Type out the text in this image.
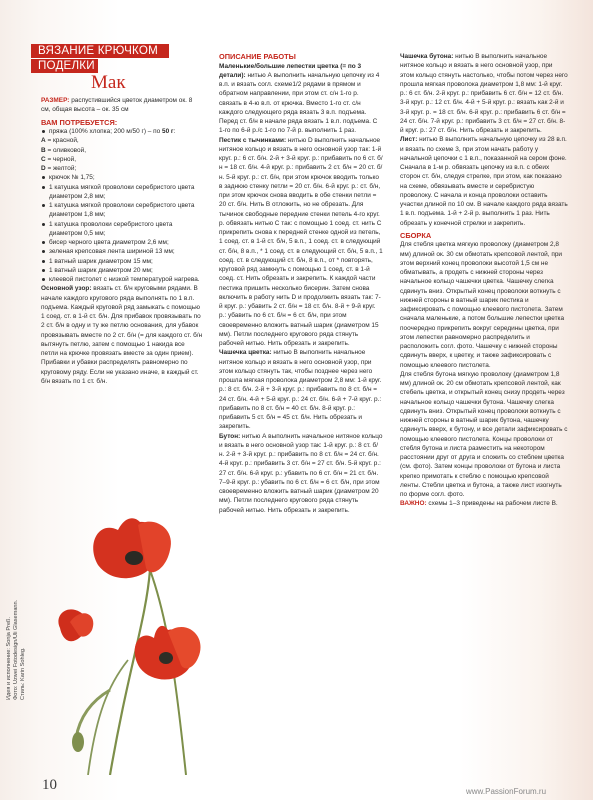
ВЯЗАНИЕ КРЮЧКОМ
ПОДЕЛКИ
Мак

РАЗМЕР: распустившийся цветок диаметром ок. 8 см, общая высота – ок. 35 см

ВАМ ПОТРЕБУЕТСЯ:

пряжа (100% хлопка; 200 м/50 г) – по 50 г:

А = красной,

В = оливковой,

С = черной,

D = желтой;

крючок № 1,75;

1 катушка мягкой проволоки серебристого цвета диаметром 2,8 мм;

1 катушка мягкой проволоки серебристого цвета диаметром 1,8 мм;

1 катушка проволоки серебристого цвета диаметром 0,5 мм;

бисер черного цвета диаметром 2,6 мм;

зеленая крепсовая лента шириной 13 мм;

1 ватный шарик диаметром 15 мм;

1 ватный шарик диаметром 20 мм;

клеевой пистолет с низкой температурой нагрева.

Основной узор: вязать ст. б/н круговыми рядами. В начале каждого кругового ряда выполнять по 1 в.п. подъема. Каждый круговой ряд замыкать с помощью 1 соед. ст. в 1-й ст. б/н. Для прибавок провязывать по 2 ст. б/н в одну и ту же петлю основания, для убавок провязывать вместе по 2 ст. б/н (= для каждого ст. б/н вытянуть петлю, затем с помощью 1 накида все петли на крючке провязать вместе за один прием). Прибавки и убавки распределять равномерно по круговому ряду. Если не указано иначе, в каждый ст. б/н вязать по 1 ст. б/н.

ОПИСАНИЕ РАБОТЫ

Маленькие/большие лепестки цветка (= по 3 детали): нитью А выполнить начальную цепочку из 4 в.п. и вязать согл. схеме1/2 рядами в прямом и обратном направлении, при этом ст. с/н 1-го р. связать в 4-ю в.п. от крючка. Вместо 1-го ст. с/н каждого следующего ряда вязать 3 в.п. подъема. Перед ст. б/н в начале ряда вязать 1 в.п. подъема. С 1-го по 6-й р./с 1-го по 7-й р. выполнить 1 раз.

Пестик с тычинками: нитью D выполнить начальное нитяное кольцо и вязать в него основной узор так: 1-й круг. р.: 6 ст. б/н. 2-й + 3-й круг. р.: прибавить по 6 ст. б/н = 18 ст. б/н. 4-й круг. р.: прибавить 2 ст. б/н = 20 ст. б/н. 5-й круг. р.: ст. б/н, при этом крючок вводить только в заднюю стенку петли = 20 ст. б/н. 6-й круг. р.: ст. б/н, при этом крючок снова вводить в обе стенки петли = 20 ст. б/н. Нить В отложить, но не обрезать. Для тычинок свободные передние стенки петель 4-го круг. р. обвязать нитью С так: с помощью 1 соед. ст. нить С прикрепить снова к передней стенке одной из петель, 1 соед. ст. в 1-й ст. б/н, 5 в.п., 1 соед. ст. в следующий ст. б/н, 8 в.п., * 1 соед. ст. в следующий ст. б/н, 5 в.п., 1 соед. ст. в следующий ст. б/н, 8 в.п., от * повторять, круговой ряд замкнуть с помощью 1 соед. ст. в 1-й соед. ст. Нить обрезать и закрепить. К каждой части пестика пришить несколько бисерин. Затем снова включить в работу нить D и продолжить вязать так: 7-й круг. р.: убавить 2 ст. б/н = 18 ст. б/н. 8-й + 9-й круг. р.: убавить по 6 ст. б/н = 6 ст. б/н, при этом своевременно вложить ватный шарик (диаметром 15 мм). Петли последнего кругового ряда стянуть рабочей нитью. Нить обрезать и закрепить.

Чашечка цветка: нитью В выполнить начальное нитяное кольцо и вязать в него основной узор, при этом кольцо стянуть так, чтобы позднее через него прошла мягкая проволока диаметром 2,8 мм: 1-й круг. р.: 8 ст. б/н. 2-й + 3-й круг. р.: прибавить по 8 ст. б/н = 24 ст. б/н. 4-й + 5-й круг. р.: 24 ст. б/н. 6-й + 7-й круг. р.: прибавить по 8 ст. б/н = 40 ст. б/н. 8-й круг. р.: прибавить 5 ст. б/н = 45 ст. б/н. Нить обрезать и закрепить.

Бутон: нитью А выполнить начальное нитяное кольцо и вязать в него основной узор так: 1-й круг. р.: 8 ст. б/н. 2-й + 3-й круг. р.: прибавить по 8 ст. б/н = 24 ст. б/н. 4-й круг. р.: прибавить 3 ст. б/н = 27 ст. б/н. 5-й круг. р.: 27 ст. б/н. 6-й круг. р.: убавить по 6 ст. б/н = 21 ст. б/н. 7–9-й круг. р.: убавить по 6 ст. б/н = 6 ст. б/н, при этом своевременно вложить ватный шарик (диаметром 20 мм). Петли последнего кругового ряда стянуть рабочей нитью. Нить обрезать и закрепить.

Чашечка бутона: нитью В выполнить начальное нитяное кольцо и вязать в него основной узор, при этом кольцо стянуть настолько, чтобы потом через него прошла мягкая проволока диаметром 1,8 мм: 1-й круг. р.: 6 ст. б/н. 2-й круг. р.: прибавить 6 ст. б/н = 12 ст. б/н. 3-й круг. р.: 12 ст. б/н. 4-й + 5-й круг. р.: вязать как 2-й и 3-й круг. р. = 18 ст. б/н. 6-й круг. р.: прибавить 6 ст. б/н = 24 ст. б/н. 7-й круг. р.: прибавить 3 ст. б/н = 27 ст. б/н. 8-й круг. р.: 27 ст. б/н. Нить обрезать и закрепить.

Лист: нитью В выполнить начальную цепочку из 28 в.п. и вязать по схеме 3, при этом начать работу у начальной цепочки с 1 в.п., показанной на сером фоне. Сначала в 1-м р. обвязать цепочку из в.п. с обеих сторон ст. б/н, следуя стрелке, при этом, как показано на схеме, обвязывать вместе и серебристую проволоку. С начала и конца проволоки оставить участки длиной по 10 см. В начале каждого ряда вязать 1 в.п. подъема. 1-й + 2-й р. выполнить 1 раз. Нить обрезать у конечной стрелки и закрепить.

СБОРКА

Для стебля цветка мягкую проволоку (диаметром 2,8 мм) длиной ок. 30 см обмотать крепсовой лентой, при этом верхний конец проволоки высотой 1,5 см не обматывать, а продеть с нижней стороны через начальное кольцо чашечки цветка. Чашечку слегка сдвинуть вниз. Открытый конец проволоки воткнуть с нижней стороны в ватный шарик пестика и зафиксировать с помощью клеевого пистолета. Затем сначала маленькие, а потом большие лепестки цветка поочередно прикрепить вокруг середины цветка, при этом лепестки равномерно распределить и расположить согл. фото. Чашечку с нижней стороны сдвинуть вверх, к цветку, и также зафиксировать с помощью клеевого пистолета.

Для стебля бутона мягкую проволоку (диаметром 1,8 мм) длиной ок. 20 см обмотать крепсовой лентой, как стебель цветка, и открытый конец снизу продеть через начальное кольцо чашечки бутона. Чашечку слегка сдвинуть вниз. Открытый конец проволоки воткнуть с нижней стороны в ватный шарик бутона, чашечку сдвинуть вверх, к бутону, и все детали зафиксировать с помощью клеевого пистолета. Концы проволоки от стебля бутона и листа разместить на некотором расстоянии друг от друга и сложить со стеблем цветка (см. фото). Затем концы проволоки от бутона и листа крепко примотать к стеблю с помощью крепсовой ленты. Стебли цветка и бутона, а также лист изогнуть по форме согл. фото.

ВАЖНО: схемы 1–3 приведены на рабочем листе В.

Идея и исполнение: Sonja Preß. Фото: Uzwei Fotodesign/Uli Glasemann. Стиль: Karin Sohleg.
10	www.PassionForum.ru
